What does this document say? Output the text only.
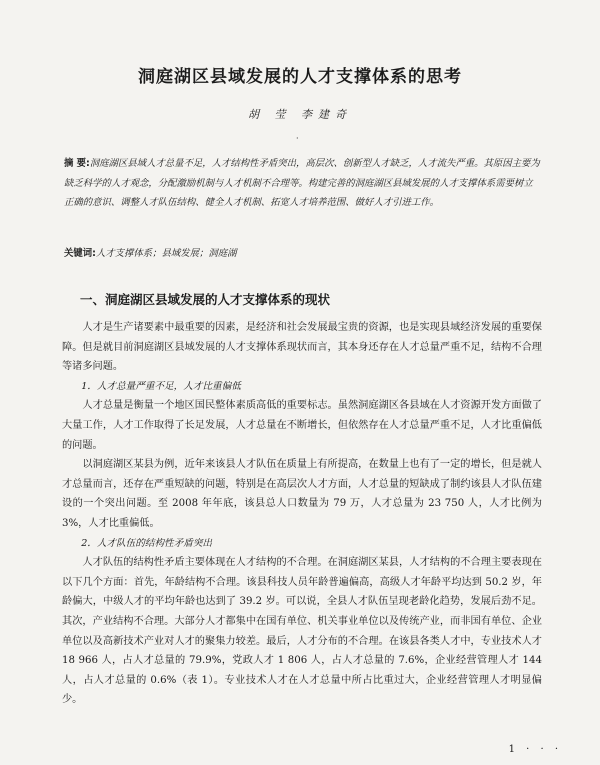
洞庭湖区县域发展的人才支撑体系的思考
胡 莹 李建奇
·
摘 要:洞庭湖区县域人才总量不足，人才结构性矛盾突出，高层次、创新型人才缺乏，人才流失严重。其原因主要为缺乏科学的人才观念，分配激励机制与人才机制不合理等。构建完善的洞庭湖区县域发展的人才支撑体系需要树立正确的意识、调整人才队伍结构、健全人才机制、拓宽人才培养范围、做好人才引进工作。
关键词:人才支撑体系；县域发展；洞庭湖
一、洞庭湖区县域发展的人才支撑体系的现状

人才是生产诸要素中最重要的因素，是经济和社会发展最宝贵的资源，也是实现县域经济发展的重要保障。但是就目前洞庭湖区县域发展的人才支撑体系现状而言，其本身还存在人才总量严重不足，结构不合理等诸多问题。

1．人才总量严重不足，人才比重偏低

人才总量是衡量一个地区国民整体素质高低的重要标志。虽然洞庭湖区各县域在人才资源开发方面做了大量工作，人才工作取得了长足发展，人才总量在不断增长，但依然存在人才总量严重不足，人才比重偏低的问题。

以洞庭湖区某县为例，近年来该县人才队伍在质量上有所提高，在数量上也有了一定的增长，但是就人才总量而言，还存在严重短缺的问题，特别是在高层次人才方面，人才总量的短缺成了制约该县人才队伍建设的一个突出问题。至 2008 年年底，该县总人口数量为 79 万，人才总量为 23 750 人，人才比例为 3%，人才比重偏低。

2．人才队伍的结构性矛盾突出

人才队伍的结构性矛盾主要体现在人才结构的不合理。在洞庭湖区某县，人才结构的不合理主要表现在以下几个方面：首先，年龄结构不合理。该县科技人员年龄普遍偏高，高级人才年龄平均达到 50.2 岁，年龄偏大，中级人才的平均年龄也达到了 39.2 岁。可以说，全县人才队伍呈现老龄化趋势，发展后劲不足。其次，产业结构不合理。大部分人才都集中在国有单位、机关事业单位以及传统产业，而非国有单位、企业单位以及高新技术产业对人才的聚集力较差。最后，人才分布的不合理。在该县各类人才中，专业技术人才 18 966 人，占人才总量的 79.9%，党政人才 1 806 人，占人才总量的 7.6%，企业经营管理人才 144 人，占人才总量的 0.6%（表 1）。专业技术人才在人才总量中所占比重过大，企业经营管理人才明显偏少。

1 · · ·
